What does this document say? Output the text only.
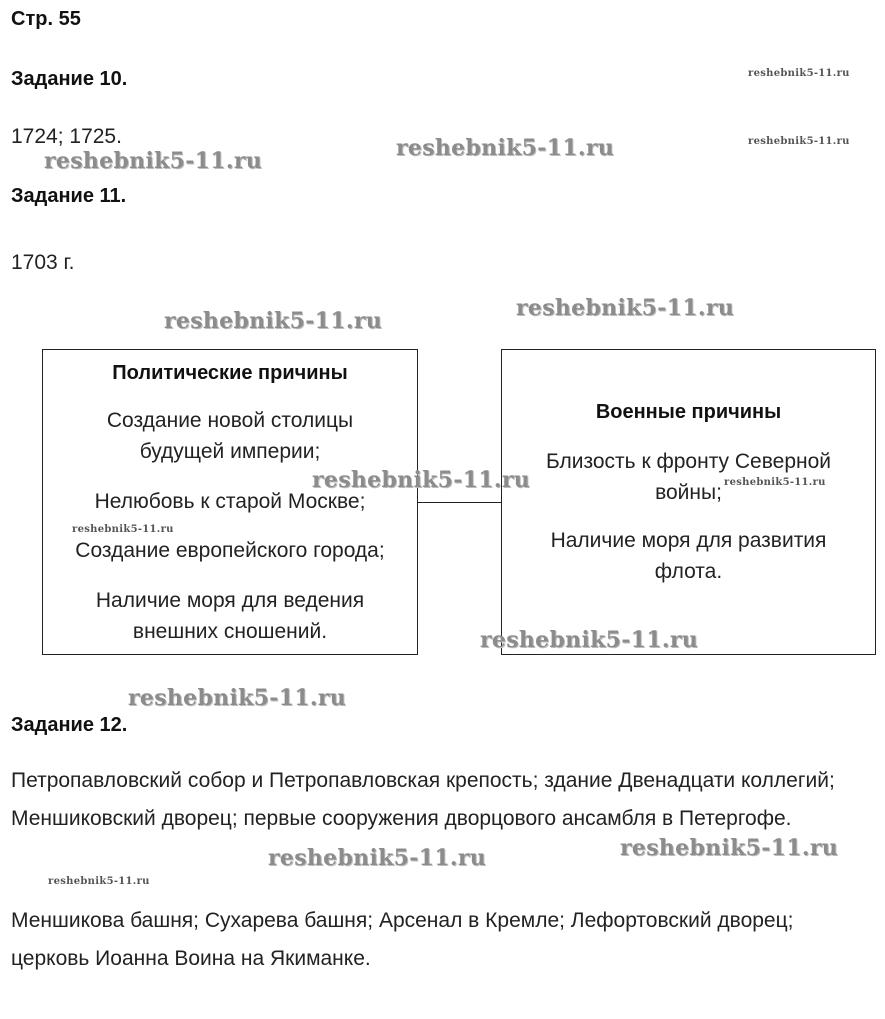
Стр. 55
Задание 10.
1724; 1725.
Задание 11.
1703 г.
Политические причины
Создание новой столицы будущей империи;
Нелюбовь к старой Москве;
Создание европейского города;
Наличие моря для ведения внешних сношений.
Военные причины
Близость к фронту Северной войны;
Наличие моря для развития флота.
Задание 12.
Петропавловский собор и Петропавловская крепость; здание Двенадцати коллегий; Меншиковский дворец; первые сооружения дворцового ансамбля в Петергофе.
Меншикова башня; Сухарева башня; Арсенал в Кремле; Лефортовский дворец; церковь Иоанна Воина на Якиманке.
reshebnik5-11.ru
reshebnik5-11.ru
reshebnik5-11.ru	reshebnik5-11.ru
reshebnik5-11.ru
reshebnik5-11.ru
reshebnik5-11.ru	reshebnik5-11.ru
reshebnik5-11.ru
reshebnik5-11.ru
reshebnik5-11.ru
reshebnik5-11.ru	reshebnik5-11.ru
reshebnik5-11.ru
